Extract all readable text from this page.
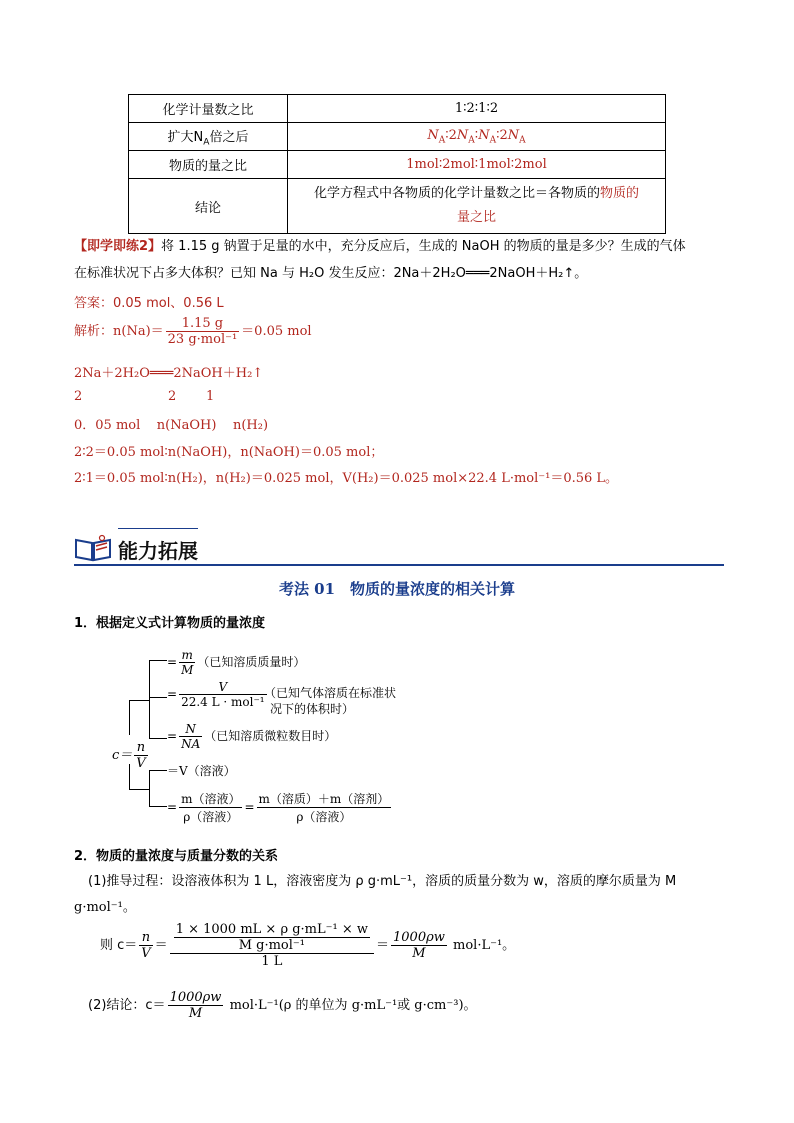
化学计量数之比	1∶2∶1∶2
扩大$N_A$倍之后	$N_A∶2N_A∶N_A∶2N_A$
物质的量之比	1mol∶2mol∶1mol∶2mol
结论	化学方程式中各物质的化学计量数之比＝各物质的物质的
量之比
【即学即练2】将 1.15 g 钠置于足量的水中，充分反应后，生成的 NaOH 的物质的量是多少？生成的气体
在标准状况下占多大体积？已知 Na 与 H₂O 发生反应：2Na＋2H₂O═══2NaOH＋H₂↑。
答案：0.05 mol、0.56 L
解析：$n(Na)= \frac{1.15 g}{\text{23 g·mol⁻¹}} =0.05$ mol
2Na＋2H₂O═══2NaOH＋H₂↑
2	2 1
0．05 mol    n(NaOH)    n(H₂)
2∶2＝0.05 mol∶n(NaOH)，n(NaOH)＝0.05 mol；
2∶1＝0.05 mol∶n(H₂)，n(H₂)＝0.025 mol，V(H₂)＝0.025 mol×22.4 L·mol⁻¹＝0.56 L。
能力拓展
考法 01　物质的量浓度的相关计算
1．根据定义式计算物质的量浓度
$c= \frac{n}{V}$
= $\frac{m}{M}$ （已知溶质质量时）
= $\frac{V}{\text{22.4 L · mol⁻¹}}$
（已知气体溶质在标准状
况下的体积时）
= $\frac{N}{NA}$ （已知溶质微粒数目时）
＝V（溶液）
= $\frac{\text{m（溶液）}}{\text{ρ（溶液）}} = \frac{\text{m（溶质）＋m（溶剂）}}{\text{ρ（溶液）}}$
2．物质的量浓度与质量分数的关系
(1)推导过程：设溶液体积为 1 L，溶液密度为 ρ g·mL⁻¹，溶质的质量分数为 w，溶质的摩尔质量为 M
g·mol⁻¹。
则 $c= \frac{n}{V} = \frac{\frac{\text{1 × 1000 mL × ρ g·mL⁻¹ × w}}{\text{M g·mol⁻¹}}}{1 L} = \frac{1000\rho w}{M} mol\cdot L^{-1}$。
(2)结论：$c= \frac{1000\rho w}{M} mol\cdot L^{-1}(\rho$ 的单位为 g·mL⁻¹或 g·cm⁻³)。
